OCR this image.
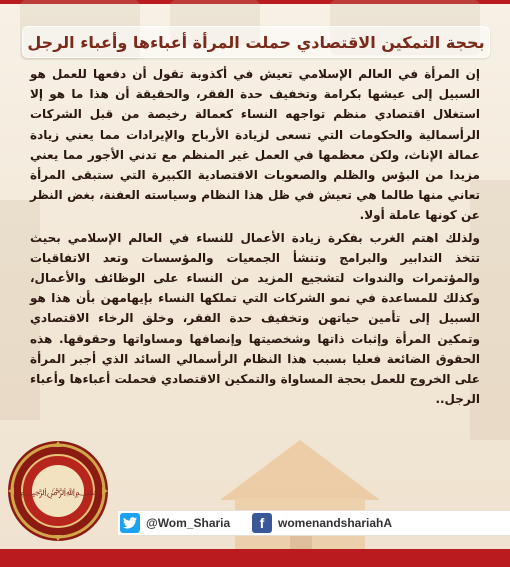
بحجة التمكين الاقتصادي حملت المرأة أعباءها وأعباء الرجل

إن المرأة في العالم الإسلامي تعيش في أكذوبة تقول أن دفعها للعمل هو السبيل إلى عيشها بكرامة وتخفيف حدة الفقر، والحقيقة أن هذا ما هو إلا استغلال اقتصادي منظم تواجهه النساء كعمالة رخيصة من قبل الشركات الرأسمالية والحكومات التي تسعى لزيادة الأرباح والإيرادات مما يعني زيادة عمالة الإناث، ولكن معظمها في العمل غير المنظم مع تدني الأجور مما يعني مزيدا من البؤس والظلم والصعوبات الاقتصادية الكبيرة التي ستبقى المرأة تعاني منها طالما هي تعيش في ظل هذا النظام وسياسته العفنة، بغض النظر عن كونها عاملة أولا.

ولذلك اهتم الغرب بفكرة زيادة الأعمال للنساء في العالم الإسلامي بحيث تتخذ التدابير والبرامج وتنشأ الجمعيات والمؤسسات وتعد الاتفاقيات والمؤتمرات والندوات لتشجيع المزيد من النساء على الوظائف والأعمال، وكذلك للمساعدة في نمو الشركات التي تملكها النساء بإيهامهن بأن هذا هو السبيل إلى تأمين حياتهن وتخفيف حدة الفقر، وخلق الرخاء الاقتصادي وتمكين المرأة وإثبات ذاتها وشخصيتها وإنصافها ومساواتها وحقوقها. هذه الحقوق الضائعة فعليا بسبب هذا النظام الرأسمالي السائد الذي أجبر المرأة على الخروج للعمل بحجة المساواة والتمكين الاقتصادي فحملت أعباءها وأعباء الرجل..

﷽
@Wom_Sharia f womenandshariahA
